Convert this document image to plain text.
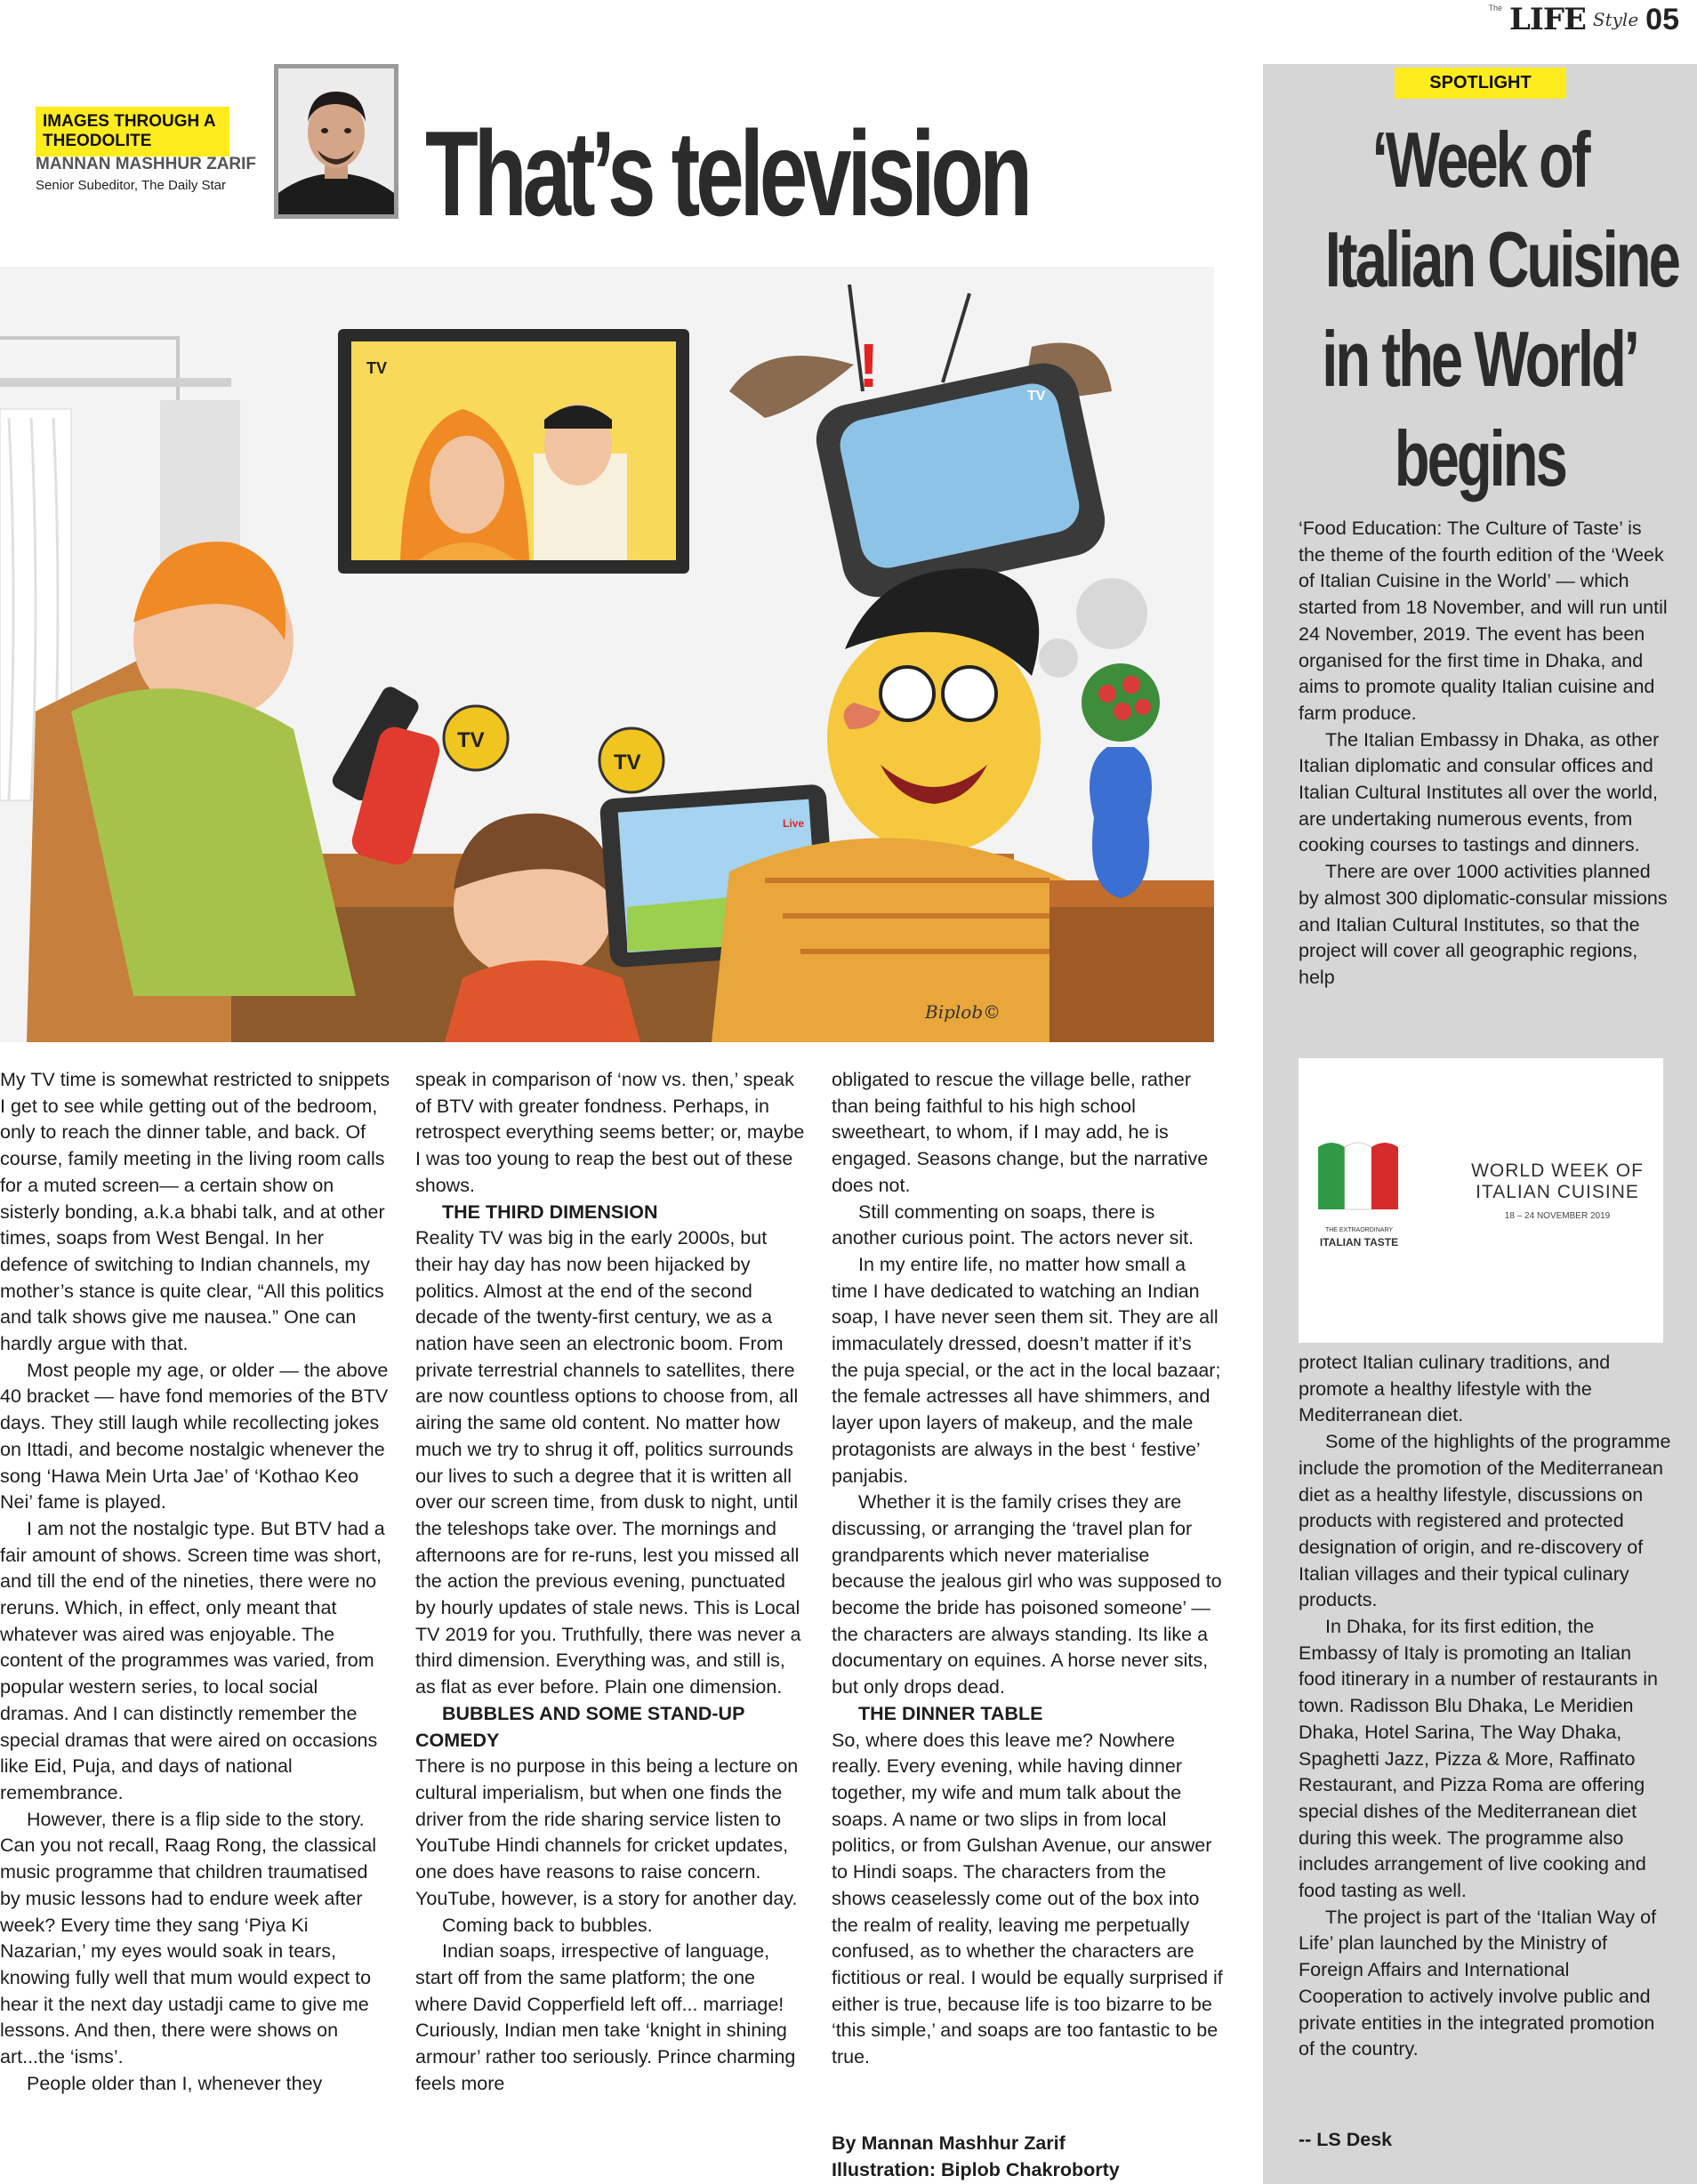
The LIFE Style 05
IMAGES THROUGH A THEODOLITE
MANNAN MASHHUR ZARIF
Senior Subeditor, The Daily Star That’s television
TV
TV
!
TV
TV
Live
Biplob©

My TV time is somewhat restricted to snippets I get to see while getting out of the bedroom, only to reach the dinner table, and back. Of course, family meeting in the living room calls for a muted screen— a certain show on sisterly bonding, a.k.a bhabi talk, and at other times, soaps from West Bengal. In her defence of switching to Indian channels, my mother’s stance is quite clear, “All this politics and talk shows give me nausea.” One can hardly argue with that.

Most people my age, or older — the above 40 bracket — have fond memories of the BTV days. They still laugh while recollecting jokes on Ittadi, and become nostalgic whenever the song ‘Hawa Mein Urta Jae’ of ‘Kothao Keo Nei’ fame is played.

I am not the nostalgic type. But BTV had a fair amount of shows. Screen time was short, and till the end of the nineties, there were no reruns. Which, in effect, only meant that whatever was aired was enjoyable. The content of the programmes was varied, from popular western series, to local social dramas. And I can distinctly remember the special dramas that were aired on occasions like Eid, Puja, and days of national remembrance.

However, there is a flip side to the story. Can you not recall, Raag Rong, the classical music programme that children traumatised by music lessons had to endure week after week? Every time they sang ‘Piya Ki Nazarian,’ my eyes would soak in tears, knowing fully well that mum would expect to hear it the next day ustadji came to give me lessons. And then, there were shows on art...the ‘isms’.

People older than I, whenever they

speak in comparison of ‘now vs. then,’ speak of BTV with greater fondness. Perhaps, in retrospect everything seems better; or, maybe I was too young to reap the best out of these shows.

THE THIRD DIMENSION

Reality TV was big in the early 2000s, but their hay day has now been hijacked by politics. Almost at the end of the second decade of the twenty-first century, we as a nation have seen an electronic boom. From private terrestrial channels to satellites, there are now countless options to choose from, all airing the same old content. No matter how much we try to shrug it off, politics surrounds our lives to such a degree that it is written all over our screen time, from dusk to night, until the teleshops take over. The mornings and afternoons are for re-runs, lest you missed all the action the previous evening, punctuated by hourly updates of stale news. This is Local TV 2019 for you. Truthfully, there was never a third dimension. Everything was, and still is, as flat as ever before. Plain one dimension.

BUBBLES AND SOME STAND-UP COMEDY

There is no purpose in this being a lecture on cultural imperialism, but when one finds the driver from the ride sharing service listen to YouTube Hindi channels for cricket updates, one does have reasons to raise concern. YouTube, however, is a story for another day.

Coming back to bubbles.

Indian soaps, irrespective of language, start off from the same platform; the one where David Copperfield left off... marriage! Curiously, Indian men take ‘knight in shining armour’ rather too seriously. Prince charming feels more

obligated to rescue the village belle, rather than being faithful to his high school sweetheart, to whom, if I may add, he is engaged. Seasons change, but the narrative does not.

Still commenting on soaps, there is another curious point. The actors never sit.

In my entire life, no matter how small a time I have dedicated to watching an Indian soap, I have never seen them sit. They are all immaculately dressed, doesn’t matter if it’s the puja special, or the act in the local bazaar; the female actresses all have shimmers, and layer upon layers of makeup, and the male protagonists are always in the best ‘ festive’ panjabis.

Whether it is the family crises they are discussing, or arranging the ‘travel plan for grandparents which never materialise because the jealous girl who was supposed to become the bride has poisoned someone’ — the characters are always standing. Its like a documentary on equines. A horse never sits, but only drops dead.

THE DINNER TABLE

So, where does this leave me? Nowhere really. Every evening, while having dinner together, my wife and mum talk about the soaps. A name or two slips in from local politics, or from Gulshan Avenue, our answer to Hindi soaps. The characters from the shows ceaselessly come out of the box into the realm of reality, leaving me perpetually confused, as to whether the characters are fictitious or real. I would be equally surprised if either is true, because life is too bizarre to be ‘this simple,’ and soaps are too fantastic to be true.

By Mannan Mashhur Zarif
Illustration: Biplob Chakroborty
SPOTLIGHT
‘Week of
Italian Cuisine
in the World’
begins

‘Food Education: The Culture of Taste’ is the theme of the fourth edition of the ‘Week of Italian Cuisine in the World’ — which started from 18 November, and will run until 24 November, 2019. The event has been organised for the first time in Dhaka, and aims to promote quality Italian cuisine and farm produce.

The Italian Embassy in Dhaka, as other Italian diplomatic and consular offices and Italian Cultural Institutes all over the world, are undertaking numerous events, from cooking courses to tastings and dinners.

There are over 1000 activities planned by almost 300 diplomatic-consular missions and Italian Cultural Institutes, so that the project will cover all geographic regions, help

THE EXTRAORDINARY
ITALIAN TASTE
WORLD WEEK OF
ITALIAN CUISINE
18 – 24 NOVEMBER 2019

protect Italian culinary traditions, and promote a healthy lifestyle with the Mediterranean diet.

Some of the highlights of the programme include the promotion of the Mediterranean diet as a healthy lifestyle, discussions on products with registered and protected designation of origin, and re-discovery of Italian villages and their typical culinary products.

In Dhaka, for its first edition, the Embassy of Italy is promoting an Italian food itinerary in a number of restaurants in town. Radisson Blu Dhaka, Le Meridien Dhaka, Hotel Sarina, The Way Dhaka, Spaghetti Jazz, Pizza & More, Raffinato Restaurant, and Pizza Roma are offering special dishes of the Mediterranean diet during this week. The programme also includes arrangement of live cooking and food tasting as well.

The project is part of the ‘Italian Way of Life’ plan launched by the Ministry of Foreign Affairs and International Cooperation to actively involve public and private entities in the integrated promotion of the country.

-- LS Desk
